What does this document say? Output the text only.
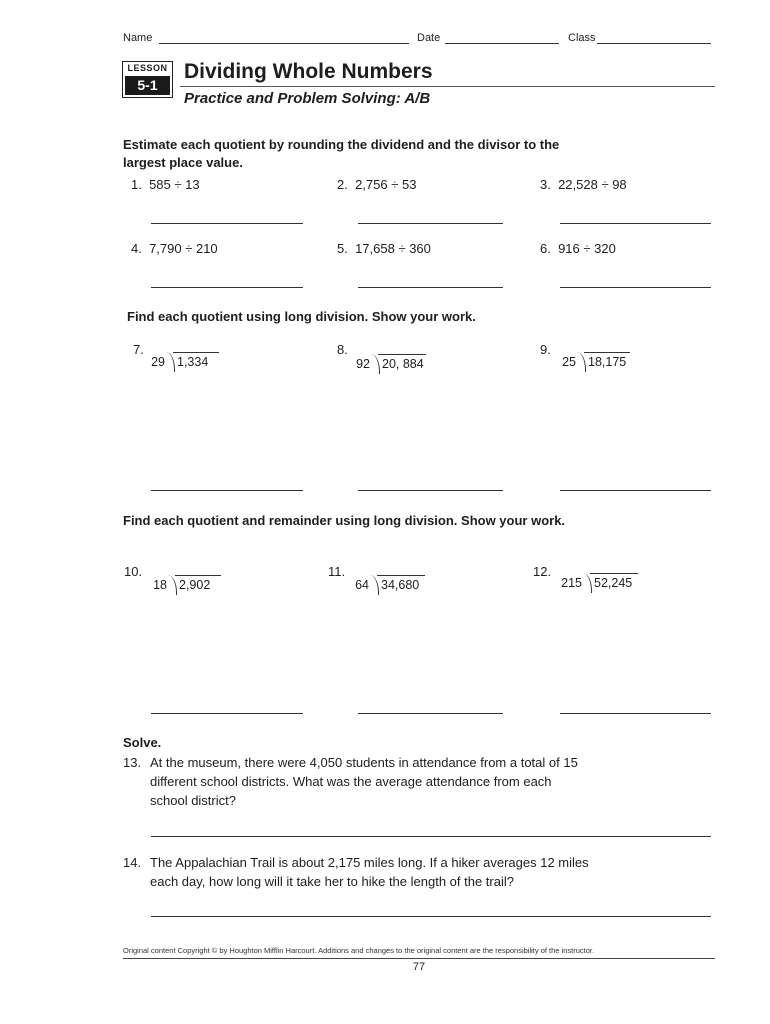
Name	Date	Class
LESSON
5-1
Dividing Whole Numbers
Practice and Problem Solving: A/B
Estimate each quotient by rounding the dividend and the divisor to the largest place value.
1. 585 ÷ 13	2. 2,756 ÷ 53	3. 22,528 ÷ 98
4. 7,790 ÷ 210	5. 17,658 ÷ 360	6. 916 ÷ 320
Find each quotient using long division. Show your work.
7.
29 1,334
8.
92 20, 884
9.
25 18,175
Find each quotient and remainder using long division. Show your work.
10.
18 2,902
11.
64 34,680
12.
215 52,245
Solve.
13. At the museum, there were 4,050 students in attendance from a total of 15 different school districts. What was the average attendance from each school district?
14. The Appalachian Trail is about 2,175 miles long. If a hiker averages 12 miles each day, how long will it take her to hike the length of the trail?
Original content Copyright © by Houghton Mifflin Harcourt. Additions and changes to the original content are the responsibility of the instructor.
77
